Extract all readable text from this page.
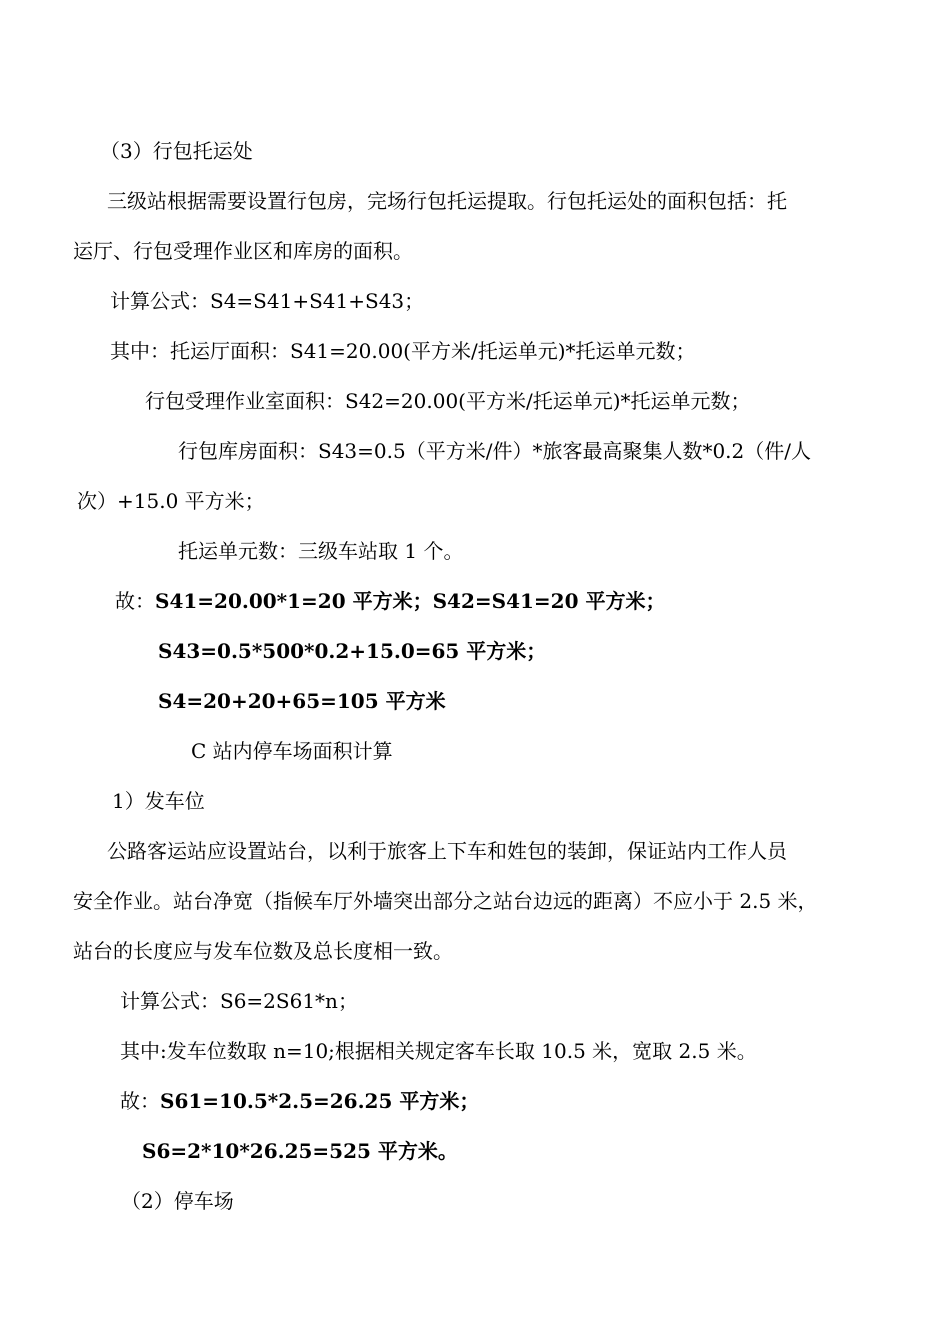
（3）行包托运处
三级站根据需要设置行包房，完场行包托运提取。行包托运处的面积包括：托
运厅、行包受理作业区和库房的面积。
计算公式：S4=S41+S41+S43；
其中：托运厅面积：S41=20.00(平方米/托运单元)*托运单元数；
行包受理作业室面积：S42=20.00(平方米/托运单元)*托运单元数；
行包库房面积：S43=0.5（平方米/件）*旅客最高聚集人数*0.2（件/人
次）+15.0 平方米；
托运单元数：三级车站取 1 个。
故：S41=20.00*1=20 平方米；S42=S41=20 平方米；
S43=0.5*500*0.2+15.0=65 平方米；
S4=20+20+65=105 平方米
C 站内停车场面积计算
1）发车位
公路客运站应设置站台，以利于旅客上下车和姓包的装卸，保证站内工作人员
安全作业。站台净宽（指候车厅外墙突出部分之站台边远的距离）不应小于 2.5 米，
站台的长度应与发车位数及总长度相一致。
计算公式：S6=2S61*n；
其中:发车位数取 n=10;根据相关规定客车长取 10.5 米，宽取 2.5 米。
故：S61=10.5*2.5=26.25 平方米；
S6=2*10*26.25=525 平方米。
（2）停车场
